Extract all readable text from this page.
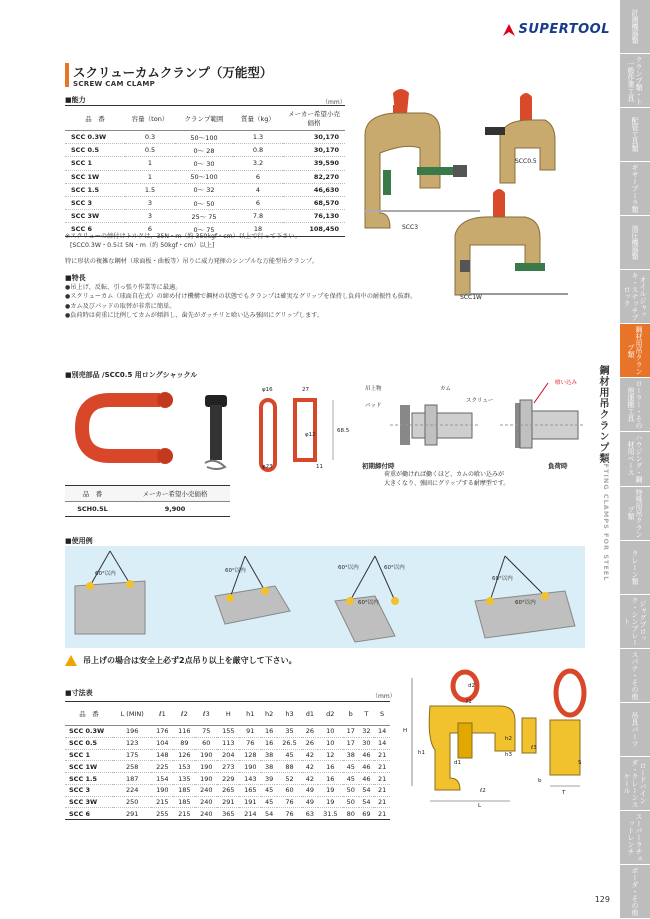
SUPERTOOL	計測機器類
クランプ類・ト一般作業工具
配管工具類
ギヤープーラ類
油圧機器類
オイルジャッキ・スナッチブロック
鋼材用吊クランプ類
ローラー・その他運搬工具
ハウジング・鋼材用ベース
特殊用吊クランプ類
クレーン類
ジャグブロック・シンプレート
スパナ・その他
吊具パーツ
ロードバインダ・クレーンスケール
スーパーラチェットレンチ
ボーダ・その他
スクリューカムクランプ（万能型）
SCREW CAM CLAMP
■能力	（mm）
品　番	容量（ton）	クランプ範囲	質量（kg）	メーカー希望小売価格
SCC 0.3W	0.3	50～100	1.3	30,170
SCC 0.5	0.5	0～ 28	0.8	30,170
SCC 1	1	0～ 30	3.2	39,590
SCC 1W	1	50～100	6	82,270
SCC 1.5	1.5	0～ 32	4	46,630
SCC 3	3	0～ 50	6	68,570
SCC 3W	3	25～ 75	7.8	76,130
SCC 6	6	0～ 75	18	108,450
※スクリューの締付けトルクは、35N・m（約 350kgf・cm）以上で行って下さい。
[SCC0.3W・0.5は 5N・m（約 50kgf・cm）以上]
特に形状の複雑な鋼材（球面板・曲板等）吊りに威力発揮のシンプルな万能型吊クランプ。
SCC0.5
SCC3
SCC1W
■特長
● 吊上げ、反転、引っ張り作業等に最適。
● スクリューカム（球面自在式）の締め付け機構で鋼材の状態でもクランプは確実なグリップを保持し負荷中の耐振性も抜群。
● カム及びパッドの取替が非常に簡単。
● 負荷時は荷重に比例してカムが傾斜し、歯先がガッチリと喰い込み強固にグリップします。
鋼材用吊クランプ類
LIFTING CLAMPS FOR STEEL
■別売部品 /SCC0.5 用ロングシャックル
φ16	27
φ12
68.5
φ23	11
品　番	メーカー希望小売価格
SCH0.5L	9,900
吊上物
パッド
カム
スクリュー
喰い込み
初期締付時	負荷時
荷重が働ければ働くほど、カムの喰い込みが
大きくなり、強固にグリップする耐摩型です。
■使用例
60°以内	60°以内	60°以内	60°以内
60°以内
60°以内
60°以内
吊上げの場合は安全上必ず2点吊り以上を厳守して下さい。
■寸法表	（mm）
品　番	L (MIN)	ℓ1	ℓ2	ℓ3	H	h1	h2	h3	d1	d2	b	T	S
SCC 0.3W	196	176	116	75	155	91	16	35	26	10	17	32	14
SCC 0.5	123	104	89	60	113	76	16	26.5	26	10	17	30	14
SCC 1	175	148	126	190	204	128	38	45	42	12	38	46	21
SCC 1W	258	225	153	190	273	190	38	88	42	16	45	46	21
SCC 1.5	187	154	135	190	229	143	39	52	42	16	45	46	21
SCC 3	224	190	185	240	265	165	45	60	49	19	50	54	21
SCC 3W	250	215	185	240	291	191	45	76	49	19	50	54	21
SCC 6	291	255	215	240	365	214	54	76	63	31.5	80	69	21
d2
ℓ1
H
h1
h2
h3
d1
ℓ2
L
ℓ3
T
b
S
129
